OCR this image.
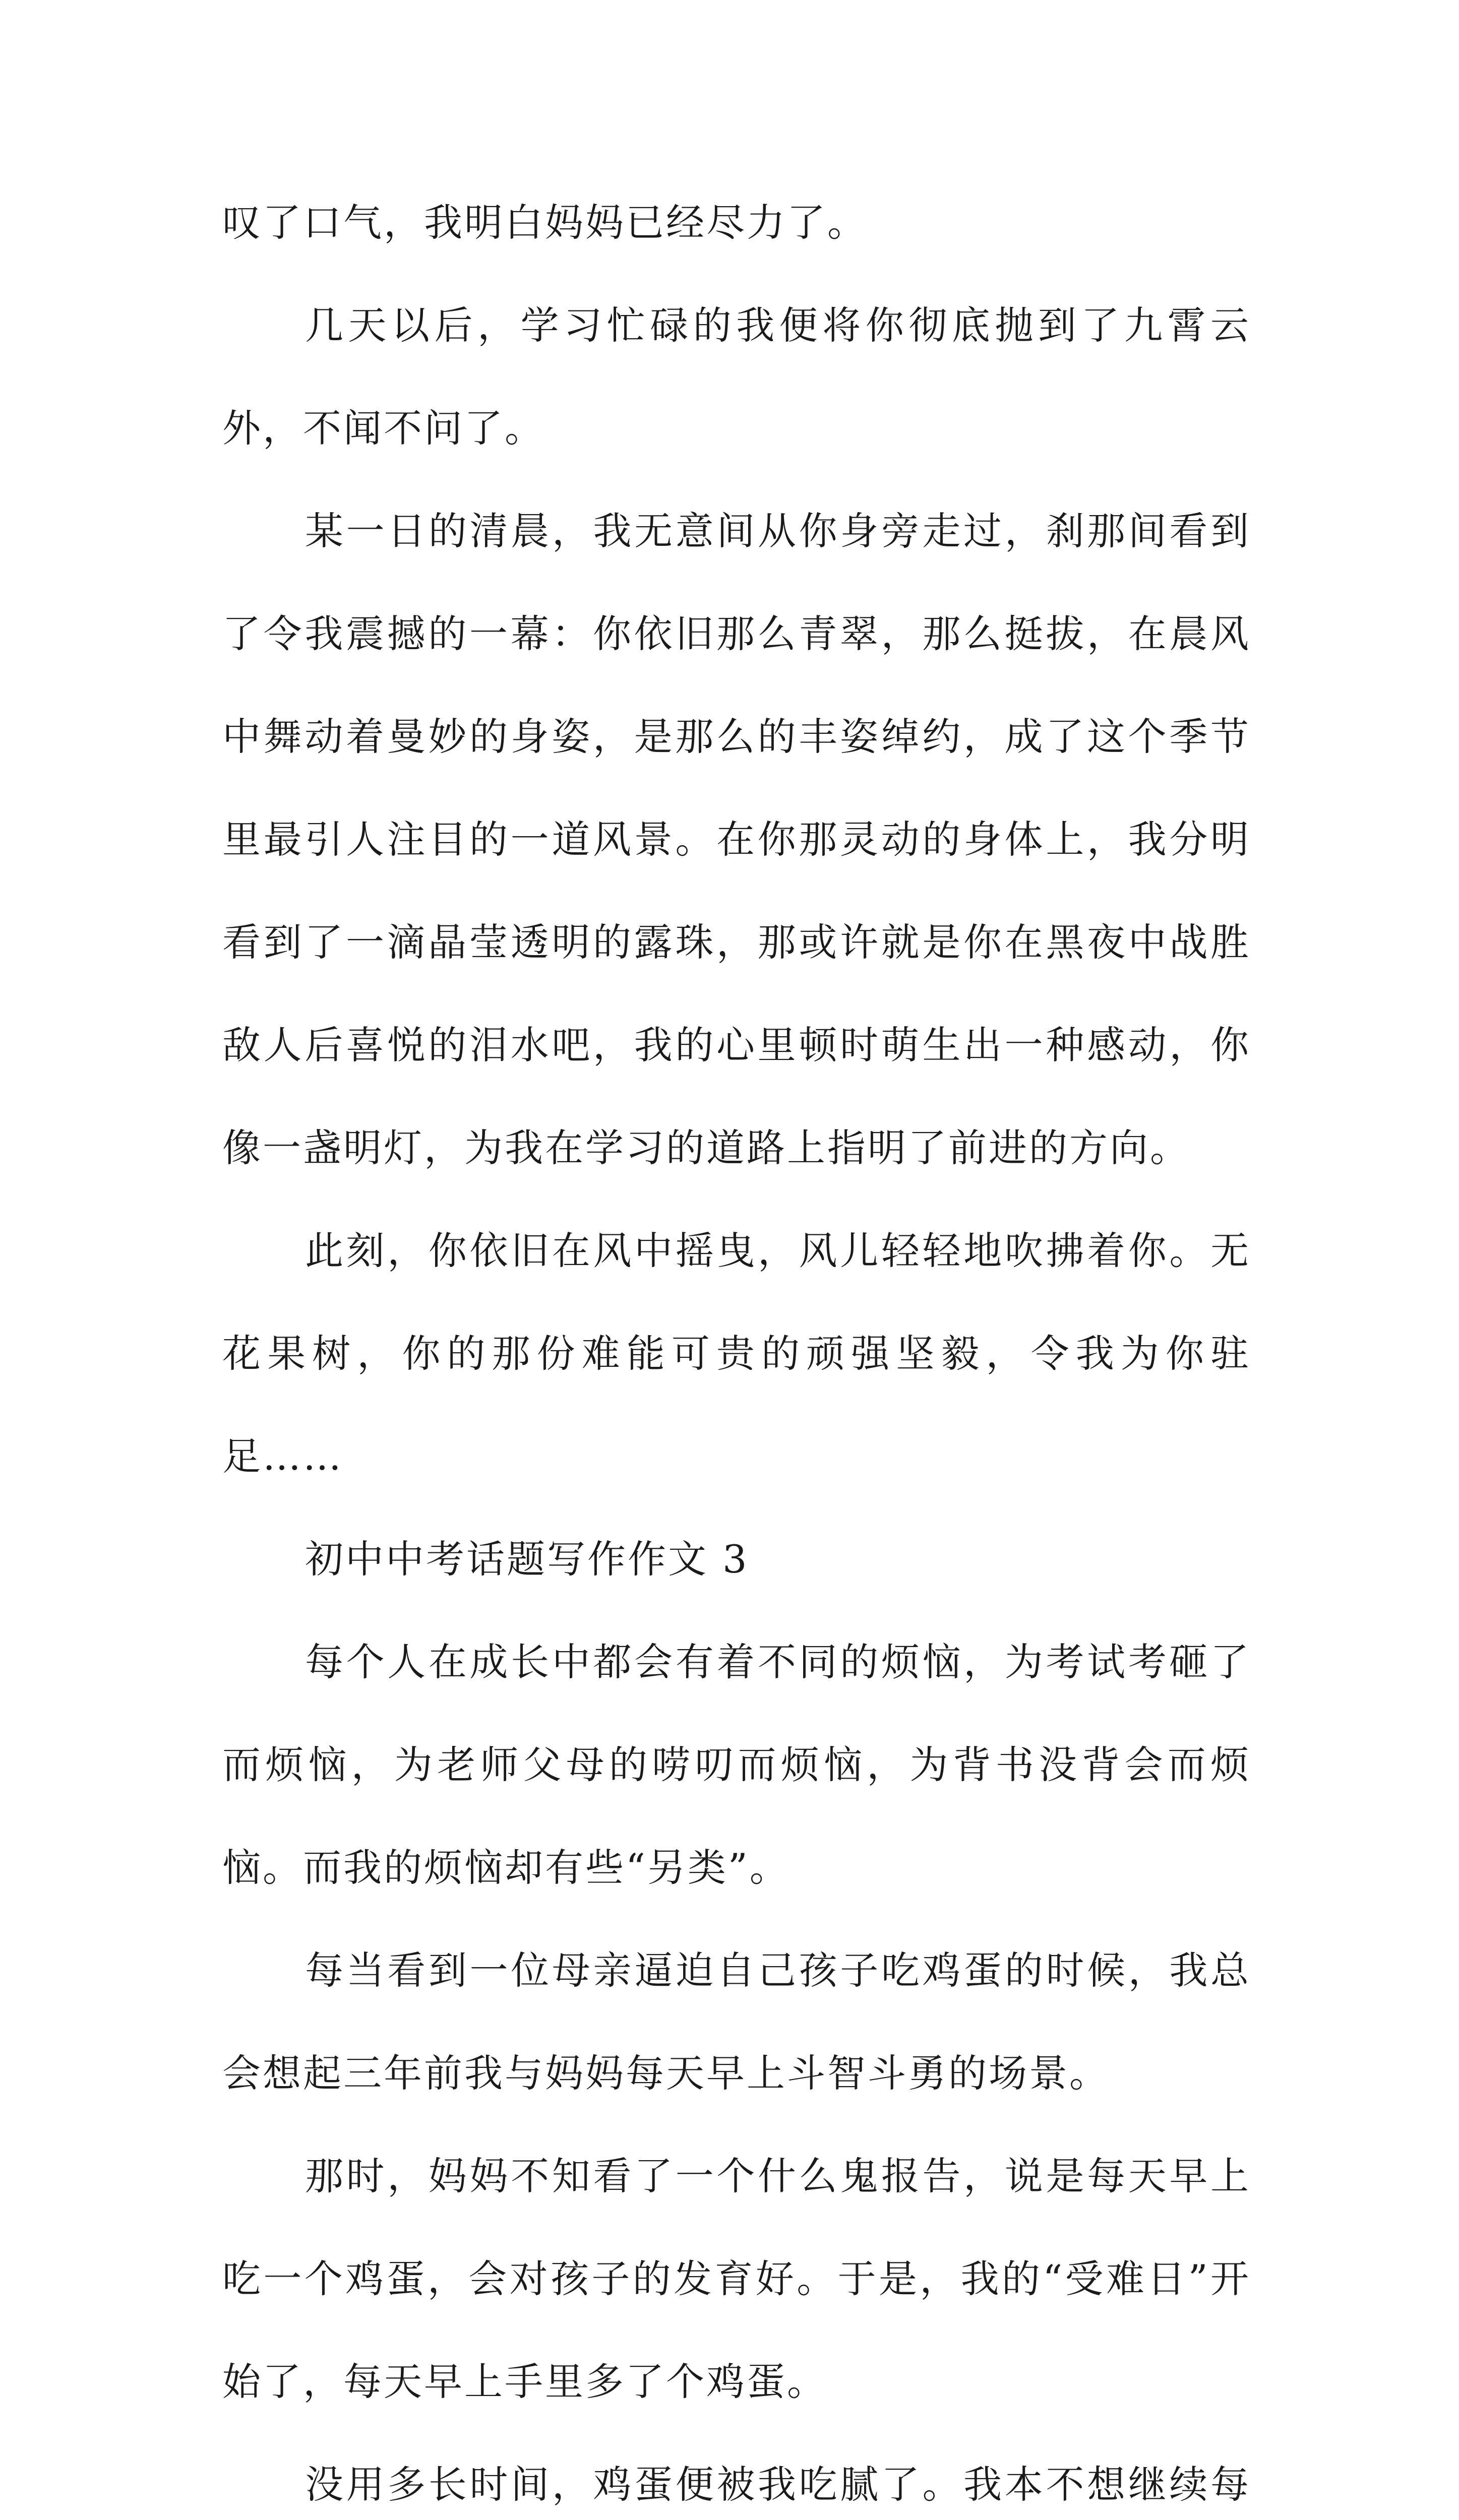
叹了口气，我明白妈妈已经尽力了。

几天以后，学习忙碌的我便将你彻底抛到了九霄云外，不闻不问了。

某一日的清晨，我无意间从你身旁走过，刹那间看到了令我震撼的一幕：你依旧那么青翠，那么挺拔，在晨风中舞动着曼妙的身姿，是那么的丰姿绰约，成了这个季节里最引人注目的一道风景。在你那灵动的身体上，我分明看到了一滴晶莹透明的露珠，那或许就是你在黑夜中战胜敌人后喜悦的泪水吧，我的心里顿时萌生出一种感动，你像一盏明灯，为我在学习的道路上指明了前进的方向。

此刻，你依旧在风中摇曳，风儿轻轻地吹拂着你。无花果树，你的那份难能可贵的顽强坚毅，令我为你驻足……

初中中考话题写作作文 3

每个人在成长中都会有着不同的烦恼，为考试考砸了而烦恼，为老师父母的唠叨而烦恼，为背书没背会而烦恼。而我的烦恼却有些“另类”。

每当看到一位母亲逼迫自己孩子吃鸡蛋的时候，我总会想起三年前我与妈妈每天早上斗智斗勇的场景。

那时，妈妈不知看了一个什么鬼报告，说是每天早上吃一个鸡蛋，会对孩子的发育好。于是，我的“受难日”开始了，每天早上手里多了个鸡蛋。

没用多长时间，鸡蛋便被我吃腻了。我本不想继续每
